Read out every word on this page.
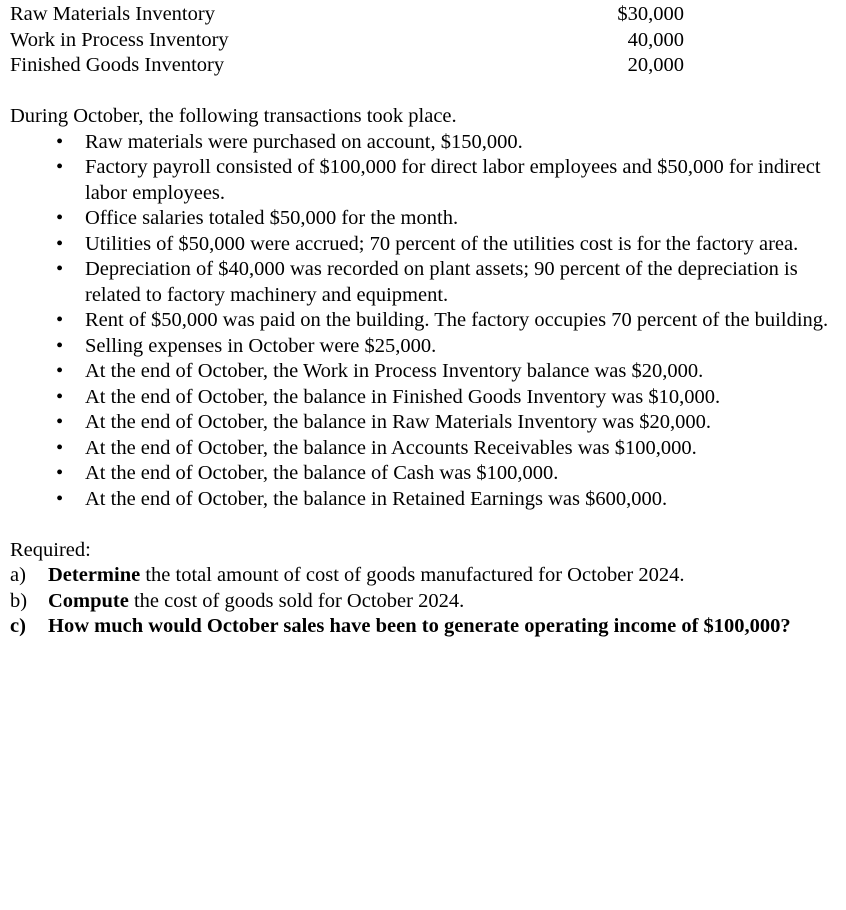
Raw Materials Inventory	$30,000
Work in Process Inventory	40,000
Finished Goods Inventory	20,000

During October, the following transactions took place.

• Raw materials were purchased on account, $150,000.
• Factory payroll consisted of $100,000 for direct labor employees and $50,000 for indirect labor employees.
• Office salaries totaled $50,000 for the month.
• Utilities of $50,000 were accrued; 70 percent of the utilities cost is for the factory area.
• Depreciation of $40,000 was recorded on plant assets; 90 percent of the depreciation is related to factory machinery and equipment.
• Rent of $50,000 was paid on the building. The factory occupies 70 percent of the building.
• Selling expenses in October were $25,000.
• At the end of October, the Work in Process Inventory balance was $20,000.
• At the end of October, the balance in Finished Goods Inventory was $10,000.
• At the end of October, the balance in Raw Materials Inventory was $20,000.
• At the end of October, the balance in Accounts Receivables was $100,000.
• At the end of October, the balance of Cash was $100,000.
• At the end of October, the balance in Retained Earnings was $600,000.

Required:

a) Determine the total amount of cost of goods manufactured for October 2024.
b) Compute the cost of goods sold for October 2024.
c) How much would October sales have been to generate operating income of $100,000?
